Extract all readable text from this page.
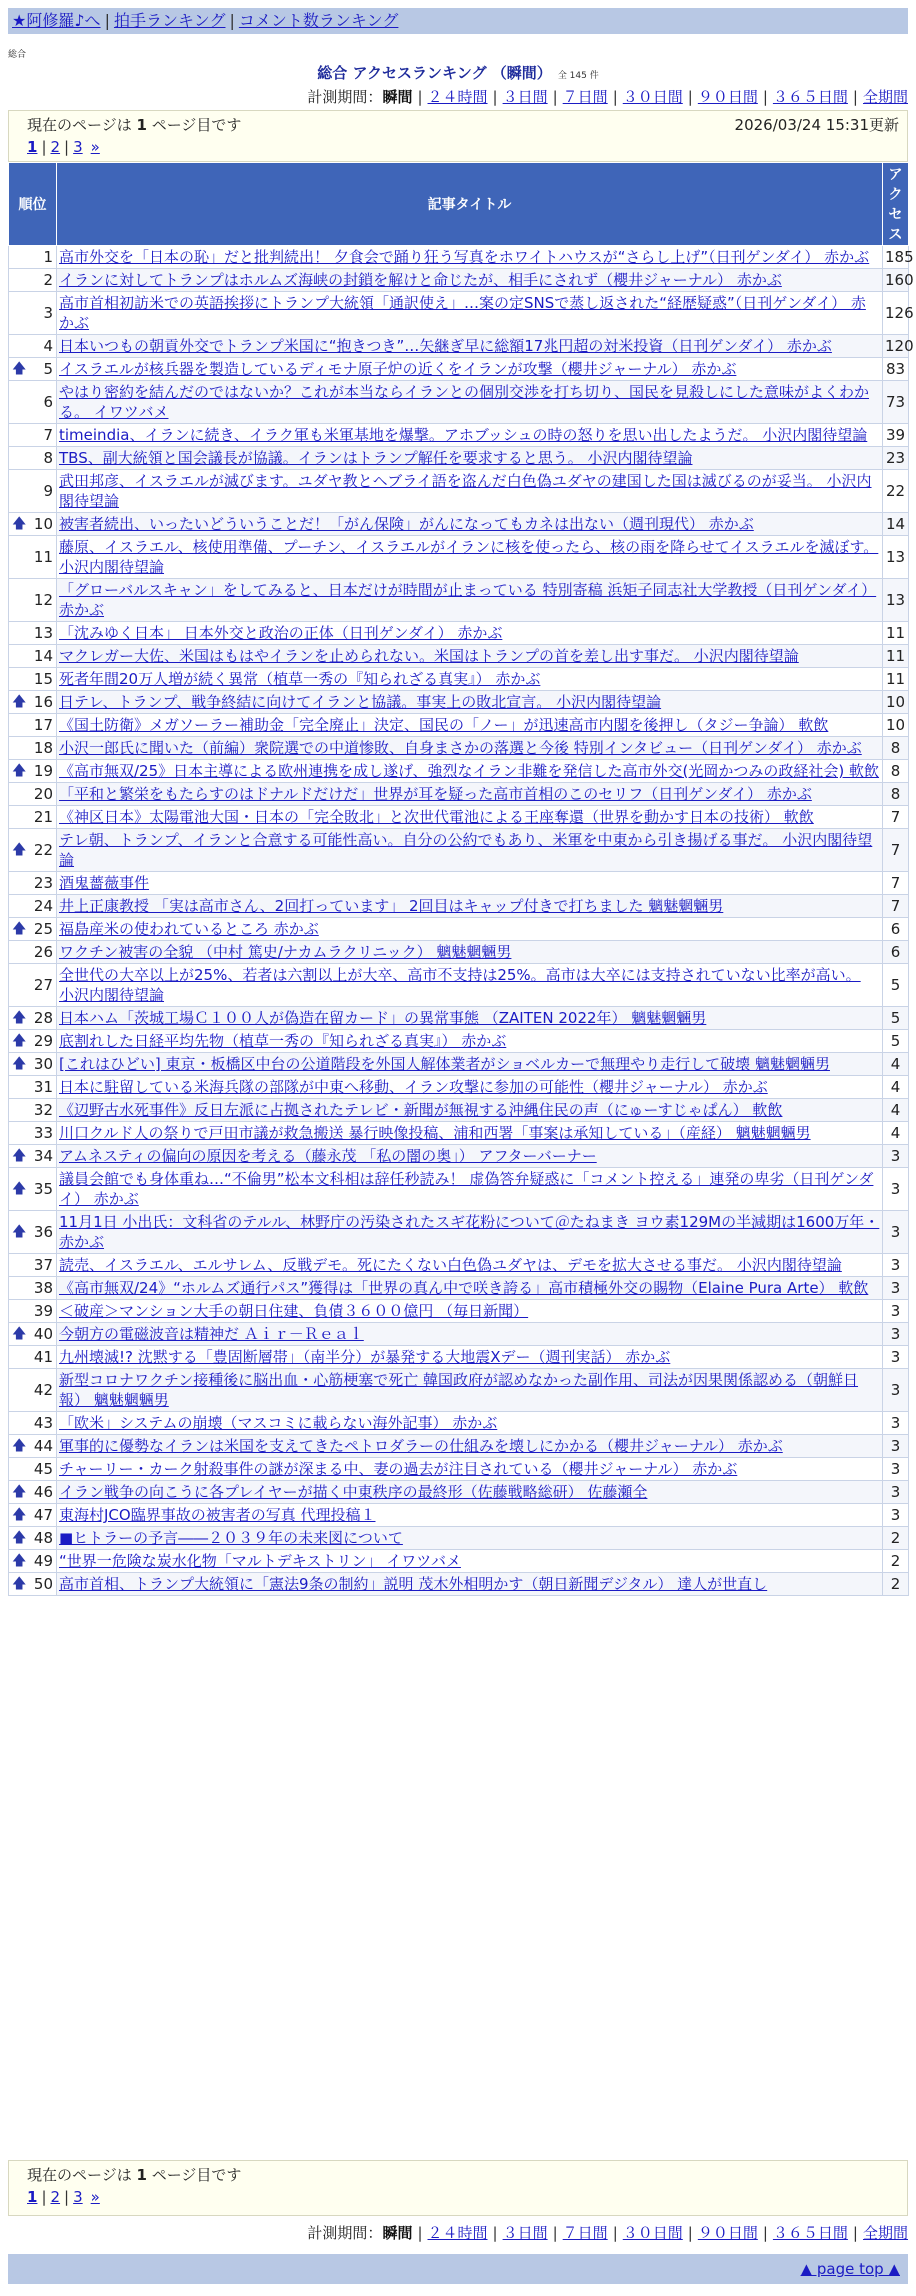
★阿修羅♪へ | 拍手ランキング | コメント数ランキング
総合
総合 アクセスランキング （瞬間） 全 145 件
計測期間：瞬間 | ２４時間 | ３日間 | ７日間 | ３０日間 | ９０日間 | ３６５日間 | 全期間
現在のページは 1 ページ目です	2026/03/24 15:31更新
1 | 2 | 3 »
順位	記事タイトル	アクセス
1	高市外交を「日本の恥」だと批判続出！ 夕食会で踊り狂う写真をホワイトハウスが“さらし上げ”（日刊ゲンダイ） 赤かぶ	185
2	イランに対してトランプはホルムズ海峡の封鎖を解けと命じたが、相手にされず（櫻井ジャーナル） 赤かぶ	160
3	高市首相初訪米での英語挨拶にトランプ大統領「通訳使え」…案の定SNSで蒸し返された“経歴疑惑”（日刊ゲンダイ） 赤かぶ	126
4	日本いつもの朝貢外交でトランプ米国に“抱きつき”…矢継ぎ早に総額17兆円超の対米投資（日刊ゲンダイ） 赤かぶ	120

🡅 5	イスラエルが核兵器を製造しているディモナ原子炉の近くをイランが攻撃（櫻井ジャーナル） 赤かぶ	83
6	やはり密約を結んだのではないか？これが本当ならイランとの個別交渉を打ち切り、国民を見殺しにした意味がよくわかる。 イワツバメ	73
7	timeindia、イランに続き、イラク軍も米軍基地を爆撃。アホブッシュの時の怒りを思い出したようだ。 小沢内閣待望論	39
8	TBS、副大統領と国会議長が協議。イランはトランプ解任を要求すると思う。 小沢内閣待望論	23
9	武田邦彦、イスラエルが滅びます。ユダヤ教とヘブライ語を盗んだ白色偽ユダヤの建国した国は滅びるのが妥当。 小沢内閣待望論	22

🡅 10	被害者続出、いったいどういうことだ！「がん保険」がんになってもカネは出ない（週刊現代） 赤かぶ	14
11	藤原、イスラエル、核使用準備、プーチン、イスラエルがイランに核を使ったら、核の雨を降らせてイスラエルを滅ぼす。 小沢内閣待望論	13
12	「グローバルスキャン」をしてみると、日本だけが時間が止まっている 特別寄稿 浜矩子同志社大学教授（日刊ゲンダイ） 赤かぶ	13
13	「沈みゆく日本」 日本外交と政治の正体（日刊ゲンダイ） 赤かぶ	11
14	マクレガー大佐、米国はもはやイランを止められない。米国はトランプの首を差し出す事だ。 小沢内閣待望論	11
15	死者年間20万人増が続く異常（植草一秀の『知られざる真実』） 赤かぶ	11

🡅 16	日テレ、トランプ、戦争終結に向けてイランと協議。事実上の敗北宣言。 小沢内閣待望論	10
17	《国土防衛》メガソーラー補助金「完全廃止」決定、国民の「ノー」が迅速高市内閣を後押し（タジー争論） 軟飲	10
18	小沢一郎氏に聞いた（前編）衆院選での中道惨敗、自身まさかの落選と今後 特別インタビュー（日刊ゲンダイ） 赤かぶ	8

🡅 19	《高市無双/25》日本主導による欧州連携を成し遂げ、強烈なイラン非難を発信した高市外交(光岡かつみの政経社会) 軟飲	8
20	「平和と繁栄をもたらすのはドナルドだけだ」世界が耳を疑った高市首相のこのセリフ（日刊ゲンダイ） 赤かぶ	8
21	《神区日本》太陽電池大国・日本の「完全敗北」と次世代電池による王座奪還（世界を動かす日本の技術） 軟飲	7

🡅 22	テレ朝、トランプ、イランと合意する可能性高い。自分の公約でもあり、米軍を中東から引き揚げる事だ。 小沢内閣待望論	7
23	酒鬼薔薇事件	7
24	井上正康教授 「実は高市さん、2回打っています」 2回目はキャップ付きで打ちました 魑魅魍魎男	7

🡅 25	福島産米の使われているところ 赤かぶ	6
26	ワクチン被害の全貌 （中村 篤史/ナカムラクリニック） 魑魅魍魎男	6
27	全世代の大卒以上が25%、若者は六割以上が大卒、高市不支持は25%。高市は大卒には支持されていない比率が高い。 小沢内閣待望論	5

🡅 28	日本ハム「茨城工場Ｃ１００人が偽造在留カード」の異常事態 （ZAITEN 2022年） 魑魅魍魎男	5

🡅 29	底割れした日経平均先物（植草一秀の『知られざる真実』） 赤かぶ	5

🡅 30	[これはひどい] 東京・板橋区中台の公道階段を外国人解体業者がショベルカーで無理やり走行して破壊 魑魅魍魎男	4
31	日本に駐留している米海兵隊の部隊が中東へ移動、イラン攻撃に参加の可能性（櫻井ジャーナル） 赤かぶ	4
32	《辺野古水死事件》反日左派に占拠されたテレビ・新聞が無視する沖縄住民の声（にゅーすじゃぱん） 軟飲	4
33	川口クルド人の祭りで戸田市議が救急搬送 暴行映像投稿、浦和西署「事案は承知している」（産経） 魑魅魍魎男	4

🡅 34	アムネスティの偏向の原因を考える（藤永茂 「私の闇の奥」） アフターバーナー	3

🡅 35	議員会館でも身体重ね…“不倫男”松本文科相は辞任秒読み！ 虚偽答弁疑惑に「コメント控える」連発の卑劣（日刊ゲンダイ） 赤かぶ	3

🡅 36	11月1日 小出氏：文科省のテルル、林野庁の汚染されたスギ花粉について＠たねまき ヨウ素129Mの半減期は1600万年・赤かぶ	3
37	読売、イスラエル、エルサレム、反戦デモ。死にたくない白色偽ユダヤは、デモを拡大させる事だ。 小沢内閣待望論	3
38	《高市無双/24》“ホルムズ通行パス”獲得は「世界の真ん中で咲き誇る」高市積極外交の賜物（Elaine Pura Arte） 軟飲	3
39	＜破産＞マンション大手の朝日住建、負債３６００億円 （毎日新聞）	3

🡅 40	今朝方の電磁波音は精神だ Ａｉｒ－Ｒｅａｌ	3
41	九州壊滅!? 沈黙する「豊固断層帯」（南半分）が暴発する大地震Xデー（週刊実話） 赤かぶ	3
42	新型コロナワクチン接種後に脳出血・心筋梗塞で死亡 韓国政府が認めなかった副作用、司法が因果関係認める（朝鮮日報） 魑魅魍魎男	3
43	「欧米」システムの崩壊（マスコミに載らない海外記事） 赤かぶ	3

🡅 44	軍事的に優勢なイランは米国を支えてきたペトロダラーの仕組みを壊しにかかる（櫻井ジャーナル） 赤かぶ	3
45	チャーリー・カーク射殺事件の謎が深まる中、妻の過去が注目されている（櫻井ジャーナル） 赤かぶ	3

🡅 46	イラン戦争の向こうに各プレイヤーが描く中東秩序の最終形（佐藤戦略総研） 佐藤瀬全	3

🡅 47	東海村JCO臨界事故の被害者の写真 代理投稿１	3

🡅 48	■ヒトラーの予言――２０３９年の未来図について	2

🡅 49	“世界一危険な炭水化物「マルトデキストリン」 イワツバメ	2

🡅 50	高市首相、トランプ大統領に「憲法9条の制約」説明 茂木外相明かす（朝日新聞デジタル） 達人が世直し	2
現在のページは 1 ページ目です
1 | 2 | 3 »
計測期間：瞬間 | ２４時間 | ３日間 | ７日間 | ３０日間 | ９０日間 | ３６５日間 | 全期間
▲ page top ▲
